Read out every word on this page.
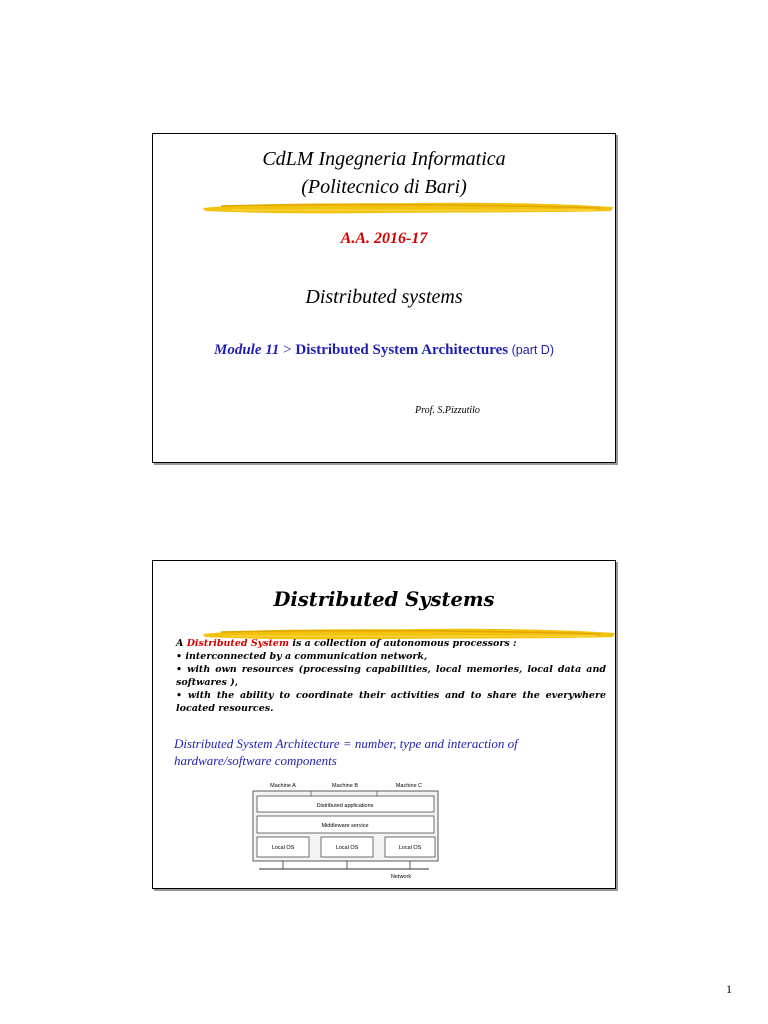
CdLM Ingegneria Informatica
(Politecnico di Bari)
A.A. 2016-17
Distributed systems
Module 11 > Distributed System Architectures (part D)
Prof. S.Pizzutilo
Distributed Systems
A Distributed System is a collection of autonomous processors :
• interconnected by a communication network,
• with own resources (processing capabilities, local memories, local data and softwares ),
• with the ability to coordinate their activities and to share the everywhere located resources.
Distributed System Architecture = number, type and interaction of hardware/software components
Machine A	Machine B	Machine C
Distributed applications
Middleware service
Local OS	Local OS	Local OS
Network
1
